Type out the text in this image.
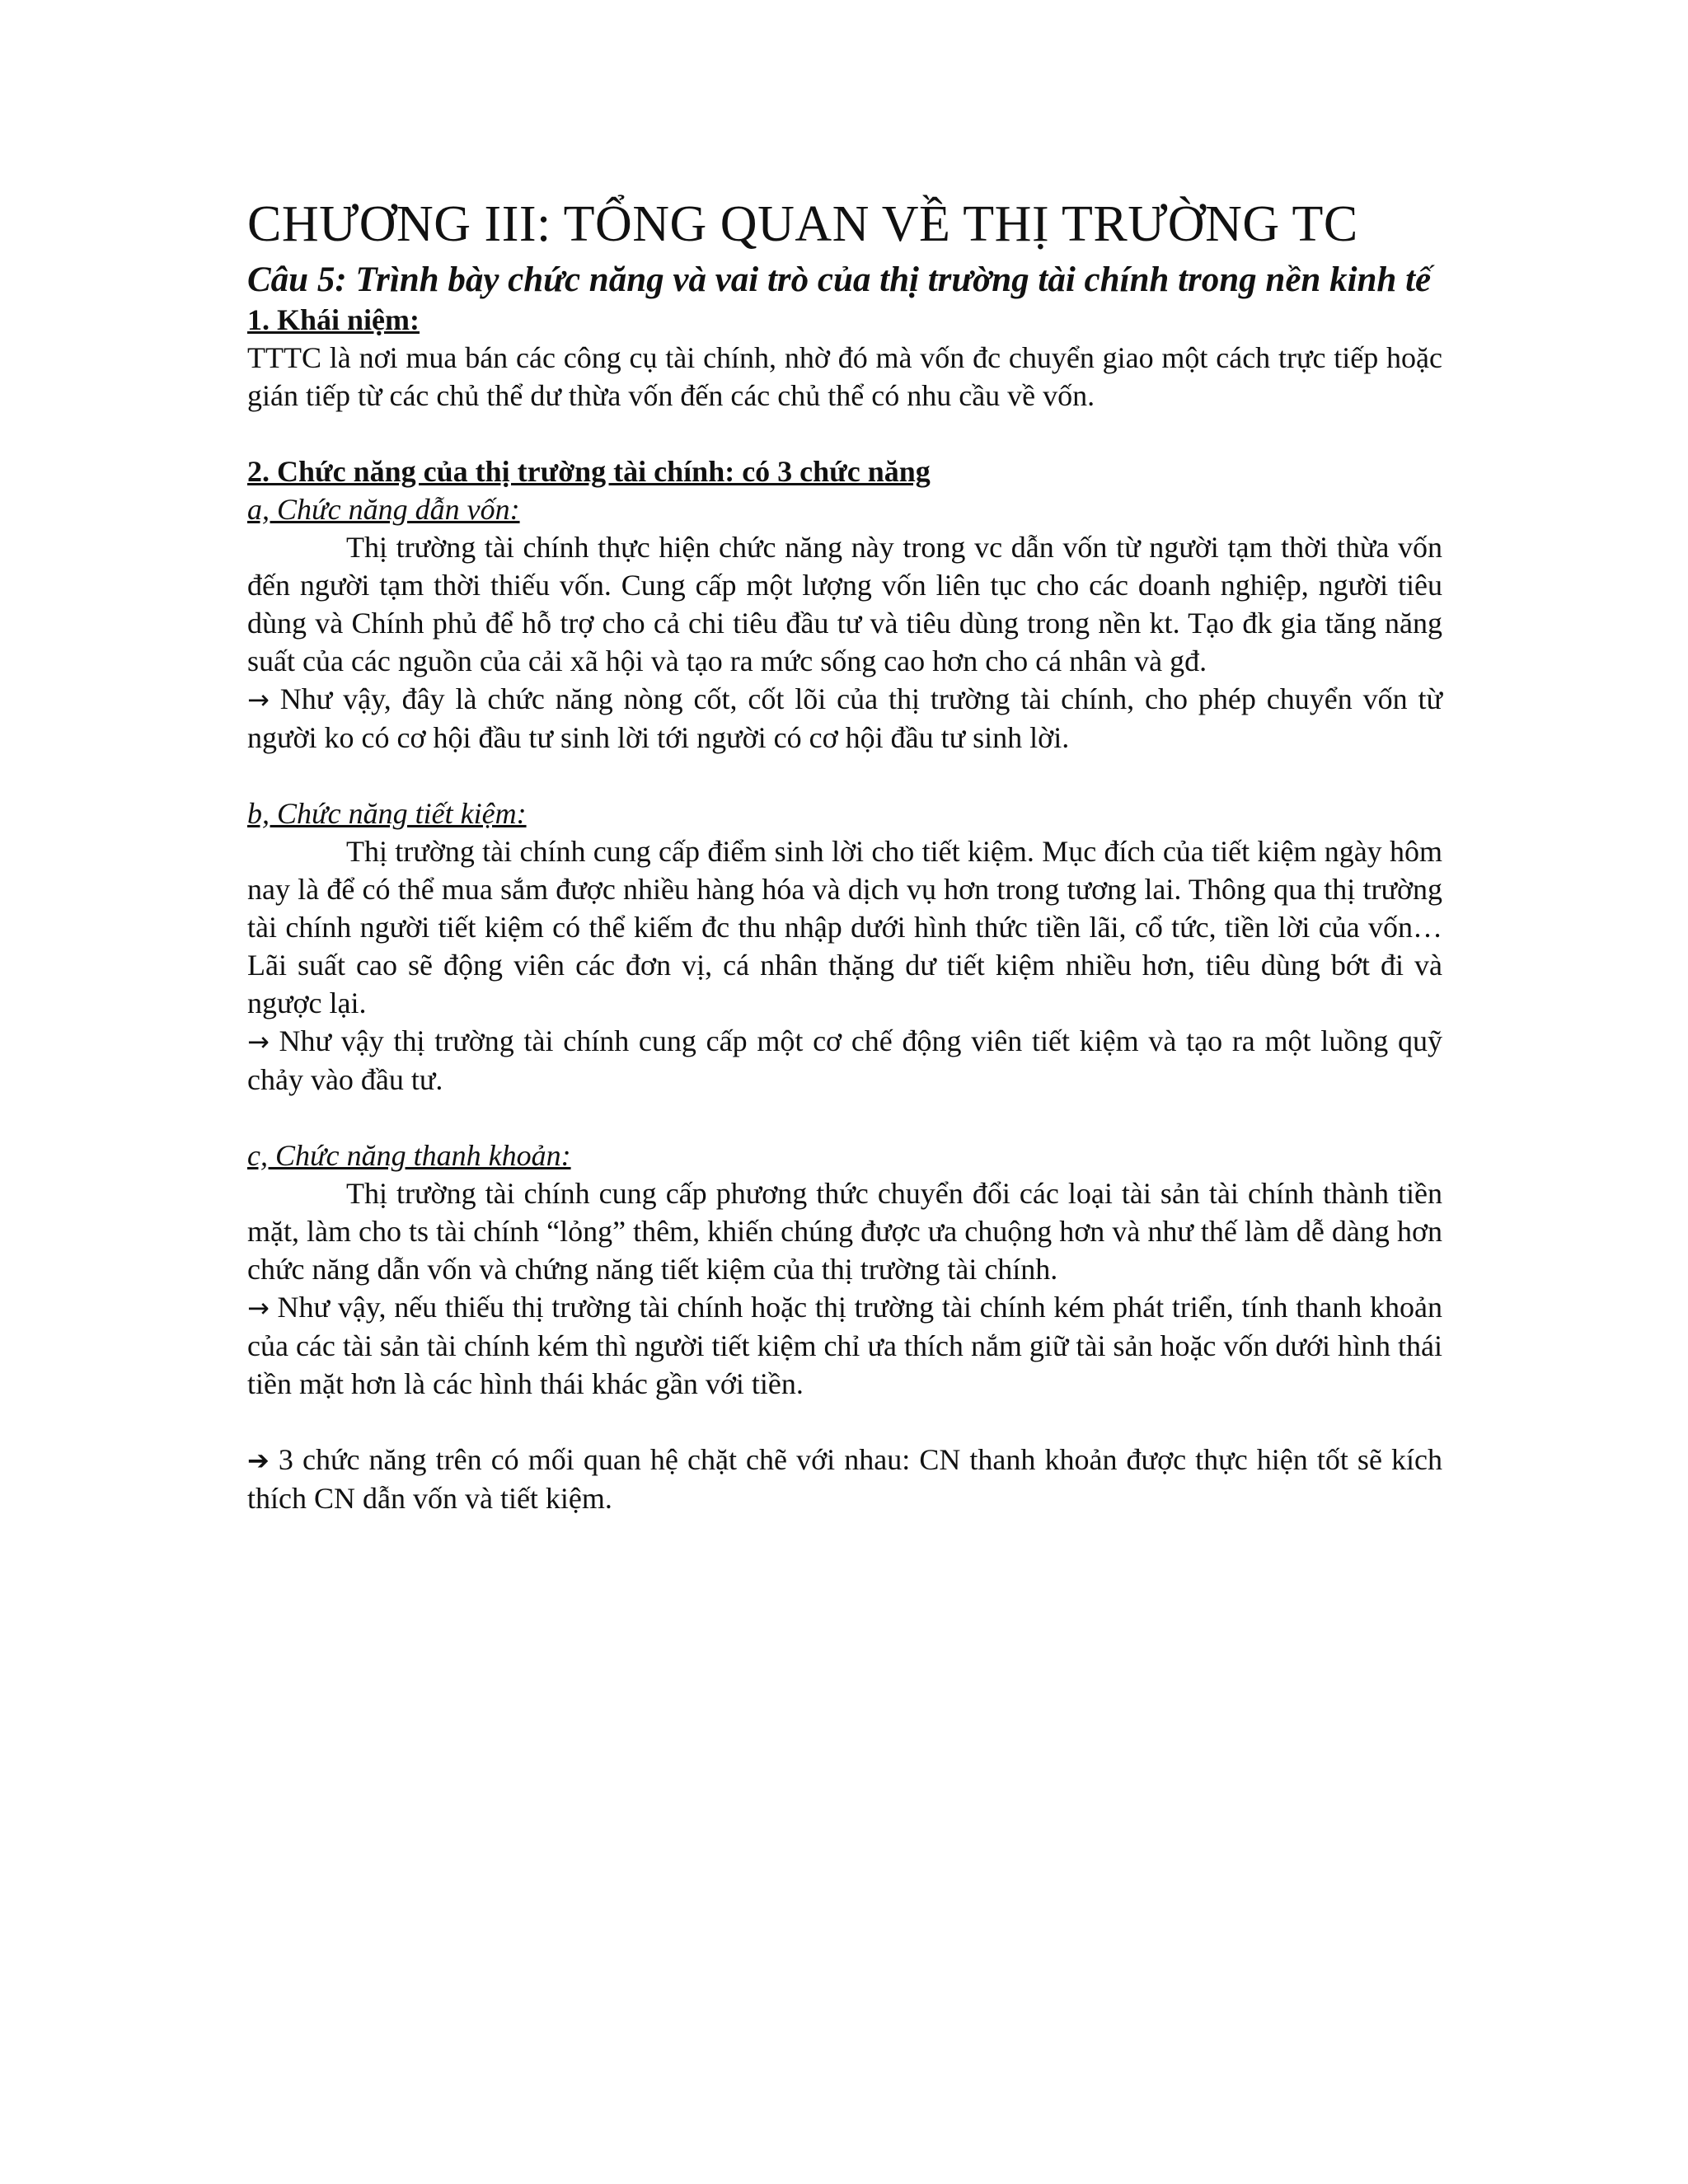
CHƯƠNG III: TỔNG QUAN VỀ THỊ TRƯỜNG TC

Câu 5: Trình bày chức năng và vai trò của thị trường tài chính trong nền kinh tế

1. Khái niệm:

TTTC là nơi mua bán các công cụ tài chính, nhờ đó mà vốn đc chuyển giao một cách trực tiếp hoặc gián tiếp từ các chủ thể dư thừa vốn đến các chủ thể có nhu cầu về vốn.

2. Chức năng của thị trường tài chính: có 3 chức năng

a, Chức năng dẫn vốn:

Thị trường tài chính thực hiện chức năng này trong vc dẫn vốn từ người tạm thời thừa vốn đến người tạm thời thiếu vốn. Cung cấp một lượng vốn liên tục cho các doanh nghiệp, người tiêu dùng và Chính phủ để hỗ trợ cho cả chi tiêu đầu tư và tiêu dùng trong nền kt. Tạo đk gia tăng năng suất của các nguồn của cải xã hội và tạo ra mức sống cao hơn cho cá nhân và gđ.

→ Như vậy, đây là chức năng nòng cốt, cốt lõi của thị trường tài chính, cho phép chuyển vốn từ người ko có cơ hội đầu tư sinh lời tới người có cơ hội đầu tư sinh lời.

b, Chức năng tiết kiệm:

Thị trường tài chính cung cấp điểm sinh lời cho tiết kiệm. Mục đích của tiết kiệm ngày hôm nay là để có thể mua sắm được nhiều hàng hóa và dịch vụ hơn trong tương lai. Thông qua thị trường tài chính người tiết kiệm có thể kiếm đc thu nhập dưới hình thức tiền lãi, cổ tức, tiền lời của vốn… Lãi suất cao sẽ động viên các đơn vị, cá nhân thặng dư tiết kiệm nhiều hơn, tiêu dùng bớt đi và ngược lại.

→ Như vậy thị trường tài chính cung cấp một cơ chế động viên tiết kiệm và tạo ra một luồng quỹ chảy vào đầu tư.

c, Chức năng thanh khoản:

Thị trường tài chính cung cấp phương thức chuyển đổi các loại tài sản tài chính thành tiền mặt, làm cho ts tài chính “lỏng” thêm, khiến chúng được ưa chuộng hơn và như thế làm dễ dàng hơn chức năng dẫn vốn và chứng năng tiết kiệm của thị trường tài chính.

→ Như vậy, nếu thiếu thị trường tài chính hoặc thị trường tài chính kém phát triển, tính thanh khoản của các tài sản tài chính kém thì người tiết kiệm chỉ ưa thích nắm giữ tài sản hoặc vốn dưới hình thái tiền mặt hơn là các hình thái khác gần với tiền.

➔ 3 chức năng trên có mối quan hệ chặt chẽ với nhau: CN thanh khoản được thực hiện tốt sẽ kích thích CN dẫn vốn và tiết kiệm.
